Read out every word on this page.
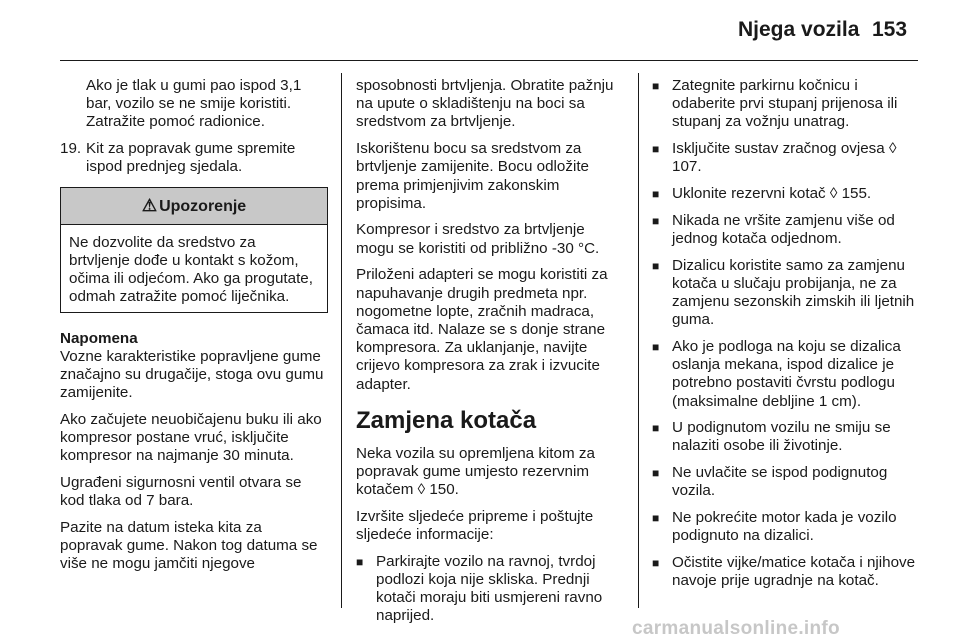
Njega vozila 153

Ako je tlak u gumi pao ispod 3,1 bar, vozilo se ne smije koristiti. Zatražite pomoć radionice.

19. Kit za popravak gume spremite ispod prednjeg sjedala.
⚠ Upozorenje
Ne dozvolite da sredstvo za brtvljenje dođe u kontakt s kožom, očima ili odjećom. Ako ga progutate, odmah zatražite pomoć liječnika.
Napomena

Vozne karakteristike popravljene gume značajno su drugačije, stoga ovu gumu zamijenite.

Ako začujete neuobičajenu buku ili ako kompresor postane vruć, isključite kompresor na najmanje 30 minuta.

Ugrađeni sigurnosni ventil otvara se kod tlaka od 7 bara.

Pazite na datum isteka kita za popravak gume. Nakon tog datuma se više ne mogu jamčiti njegove

sposobnosti brtvljenja. Obratite pažnju na upute o skladištenju na boci sa sredstvom za brtvljenje.

Iskorištenu bocu sa sredstvom za brtvljenje zamijenite. Bocu odložite prema primjenjivim zakonskim propisima.

Kompresor i sredstvo za brtvljenje mogu se koristiti od približno -30 °C.

Priloženi adapteri se mogu koristiti za napuhavanje drugih predmeta npr. nogometne lopte, zračnih madraca, čamaca itd. Nalaze se s donje strane kompresora. Za uklanjanje, navijte crijevo kompresora za zrak i izvucite adapter.

Zamjena kotača

Neka vozila su opremljena kitom za popravak gume umjesto rezervnim kotačem ◊ 150.

Izvršite sljedeće pripreme i poštujte sljedeće informacije:

■ Parkirajte vozilo na ravnoj, tvrdoj podlozi koja nije skliska. Prednji kotači moraju biti usmjereni ravno naprijed.
■ Zategnite parkirnu kočnicu i odaberite prvi stupanj prijenosa ili stupanj za vožnju unatrag.
■ Isključite sustav zračnog ovjesa ◊ 107.
■ Uklonite rezervni kotač ◊ 155.
■ Nikada ne vršite zamjenu više od jednog kotača odjednom.
■ Dizalicu koristite samo za zamjenu kotača u slučaju probijanja, ne za zamjenu sezonskih zimskih ili ljetnih guma.
■ Ako je podloga na koju se dizalica oslanja mekana, ispod dizalice je potrebno postaviti čvrstu podlogu (maksimalne debljine 1 cm).
■ U podignutom vozilu ne smiju se nalaziti osobe ili životinje.
■ Ne uvlačite se ispod podignutog vozila.
■ Ne pokrećite motor kada je vozilo podignuto na dizalici.
■ Očistite vijke/matice kotača i njihove navoje prije ugradnje na kotač.
carmanualsonline.info
